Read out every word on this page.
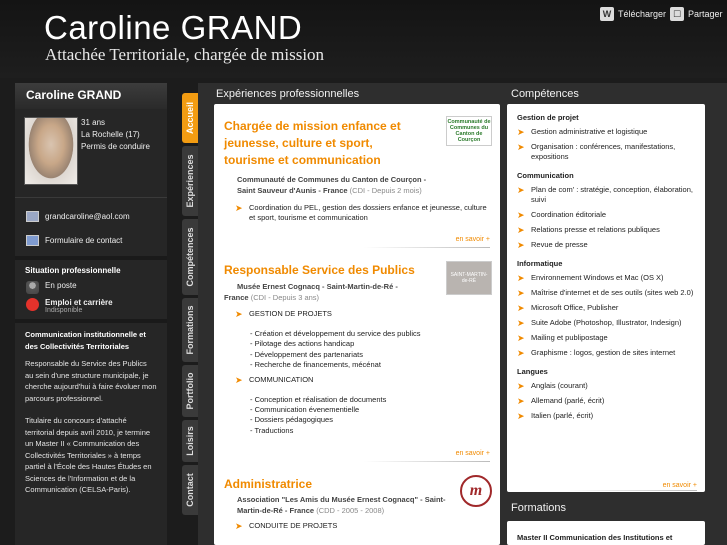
Caroline GRAND
Attachée Territoriale, chargée de mission
W Télécharger ☐ Partager
Caroline GRAND
31 ans
La Rochelle (17)
Permis de conduire
grandcaroline@aol.com
Formulaire de contact
Situation professionnelle
En poste
Emploi et carrière
Indisponible
Communication institutionnelle et des Collectivités Territoriales
Responsable du Service des Publics au sein d'une structure municipale, je cherche aujourd'hui à faire évoluer mon parcours professionnel.
Titulaire du concours d'attaché territorial depuis avril 2010, je termine un Master II « Communication des Collectivités Territoriales » à temps partiel à l'École des Hautes Études en Sciences de l'Information et de la Communication (CELSA-Paris).
Accueil
Expériences
Compétences
Formations
Portfolio
Loisirs
Contact
Expériences professionnelles	Compétences
Chargée de mission enfance et jeunesse, culture et sport, tourisme et communication
Communauté de Communes du Canton de Courçon - Saint Sauveur d'Aunis - France (CDI - Depuis 2 mois)
➤ Coordination du PEL, gestion des dossiers enfance et jeunesse, culture et sport, tourisme et communication
Communauté de Communes du Canton de Courçon
en savoir +
Responsable Service des Publics
Musée Ernest Cognacq - Saint-Martin-de-Ré - France (CDI - Depuis 3 ans)
➤ GESTION DE PROJETS
- Création et développement du service des publics
- Pilotage des actions handicap
- Développement des partenariats
- Recherche de financements, mécénat
➤ COMMUNICATION
- Conception et réalisation de documents
- Communication évenementielle
- Dossiers pédagogiques
- Traductions
SAINT-MARTIN-de-RÉ
en savoir +
Administratrice
Association "Les Amis du Musée Ernest Cognacq" - Saint-Martin-de-Ré - France (CDD - 2005 - 2008)
➤ CONDUITE DE PROJETS
m
Gestion de projet
➤ Gestion administrative et logistique
➤ Organisation : conférences, manifestations, expositions
Communication
➤ Plan de com' : stratégie, conception, élaboration, suivi
➤ Coordination éditoriale
➤ Relations presse et relations publiques
➤ Revue de presse
Informatique
➤ Environnement Windows et Mac (OS X)
➤ Maîtrise d'internet et de ses outils (sites web 2.0)
➤ Microsoft Office, Publisher
➤ Suite Adobe (Photoshop, Illustrator, Indesign)
➤ Mailing et publipostage
➤ Graphisme : logos, gestion de sites internet
Langues
➤ Anglais (courant)
➤ Allemand (parlé, écrit)
➤ Italien (parlé, écrit)
en savoir +
Formations
Master II Communication des Institutions et
